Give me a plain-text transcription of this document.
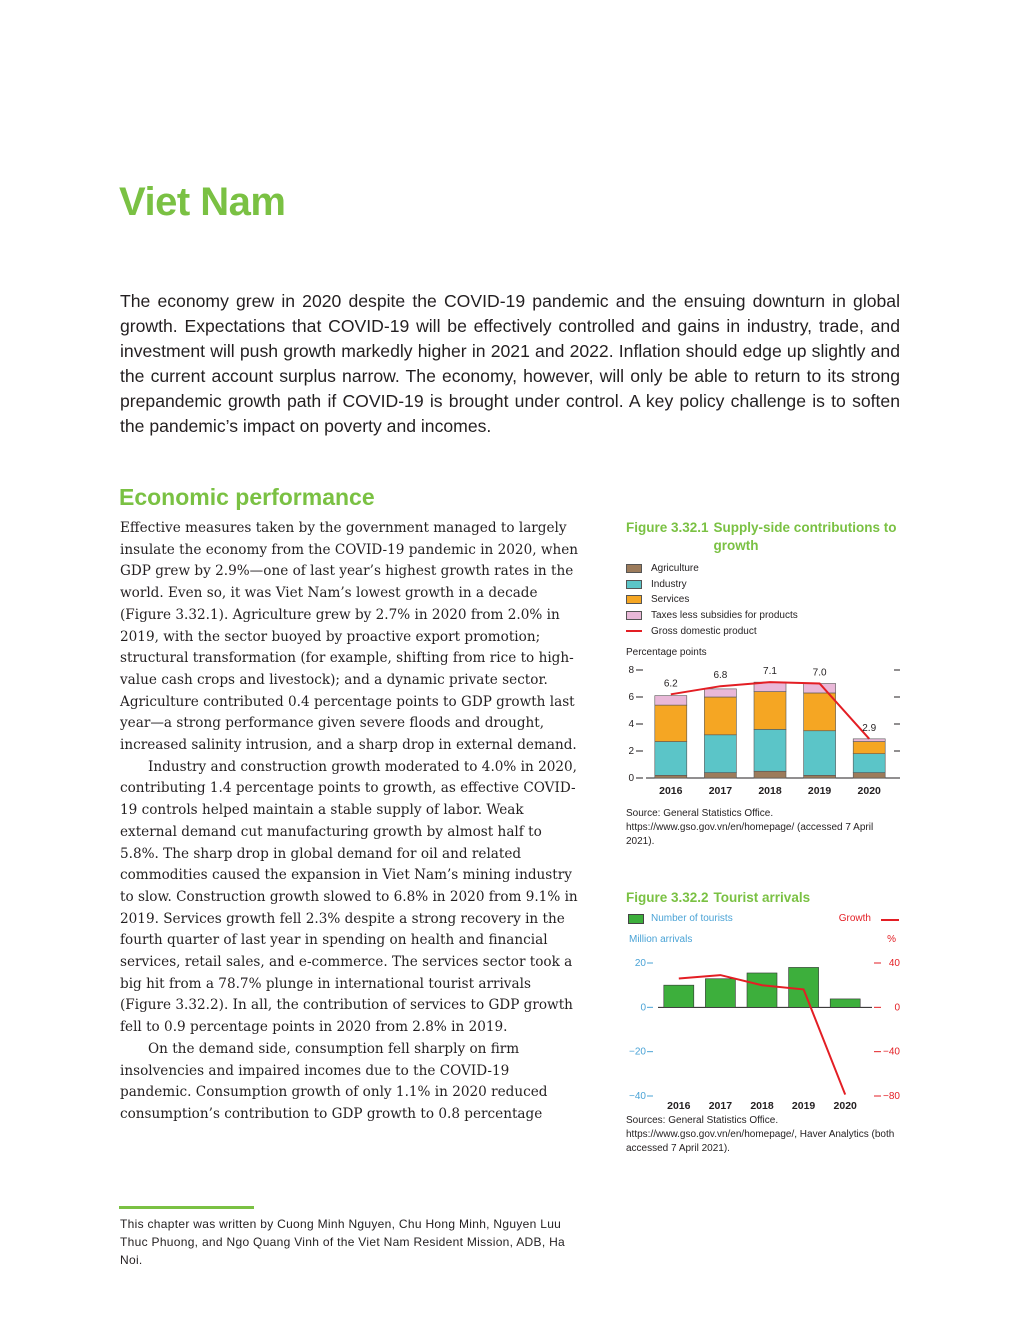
Viet Nam

The economy grew in 2020 despite the COVID-19 pandemic and the ensuing downturn in global growth. Expectations that COVID-19 will be effectively controlled and gains in industry, trade, and investment will push growth markedly higher in 2021 and 2022. Inflation should edge up slightly and the current account surplus narrow. The economy, however, will only be able to return to its strong prepandemic growth path if COVID-19 is brought under control. A key policy challenge is to soften the pandemic’s impact on poverty and incomes.

Economic performance

Effective measures taken by the government managed to largely insulate the economy from the COVID-19 pandemic in 2020, when GDP grew by 2.9%—one of last year’s highest growth rates in the world. Even so, it was Viet Nam’s lowest growth in a decade (Figure 3.32.1). Agriculture grew by 2.7% in 2020 from 2.0% in 2019, with the sector buoyed by proactive export promotion; structural transformation (for example, shifting from rice to high-value cash crops and livestock); and a dynamic private sector. Agriculture contributed 0.4 percentage points to GDP growth last year—a strong performance given severe floods and drought, increased salinity intrusion, and a sharp drop in external demand.

Industry and construction growth moderated to 4.0% in 2020, contributing 1.4 percentage points to growth, as effective COVID-19 controls helped maintain a stable supply of labor. Weak external demand cut manufacturing growth by almost half to 5.8%. The sharp drop in global demand for oil and related commodities caused the expansion in Viet Nam’s mining industry to slow. Construction growth slowed to 6.8% in 2020 from 9.1% in 2019. Services growth fell 2.3% despite a strong recovery in the fourth quarter of last year in spending on health and financial services, retail sales, and e-commerce. The services sector took a big hit from a 78.7% plunge in international tourist arrivals (Figure 3.32.2). In all, the contribution of services to GDP growth fell to 0.9 percentage points in 2020 from 2.8% in 2019.

On the demand side, consumption fell sharply on firm insolvencies and impaired incomes due to the COVID-19 pandemic. Consumption growth of only 1.1% in 2020 reduced consumption’s contribution to GDP growth to 0.8 percentage

This chapter was written by Cuong Minh Nguyen, Chu Hong Minh, Nguyen Luu Thuc Phuong, and Ngo Quang Vinh of the Viet Nam Resident Mission, ADB, Ha Noi.

Figure 3.32.1 Supply-side contributions to growth
Agriculture
Industry
Services
Taxes less subsidies for products
Gross domestic product
Percentage points
0
2
4
6
8
2016 2017 2018 2019 2020
6.2
6.8	7.1	7.0
2.9
Source: General Statistics Office. https://www.gso.gov.vn/en/homepage/ (accessed 7 April 2021).
Figure 3.32.2 Tourist arrivals
Number of tourists	Growth
Million arrivals	%
20
0
−20
−40
40
0
−40
−80
2016 2017 2018 2019 2020
Sources: General Statistics Office. https://www.gso.gov.vn/en/homepage/, Haver Analytics (both accessed 7 April 2021).
